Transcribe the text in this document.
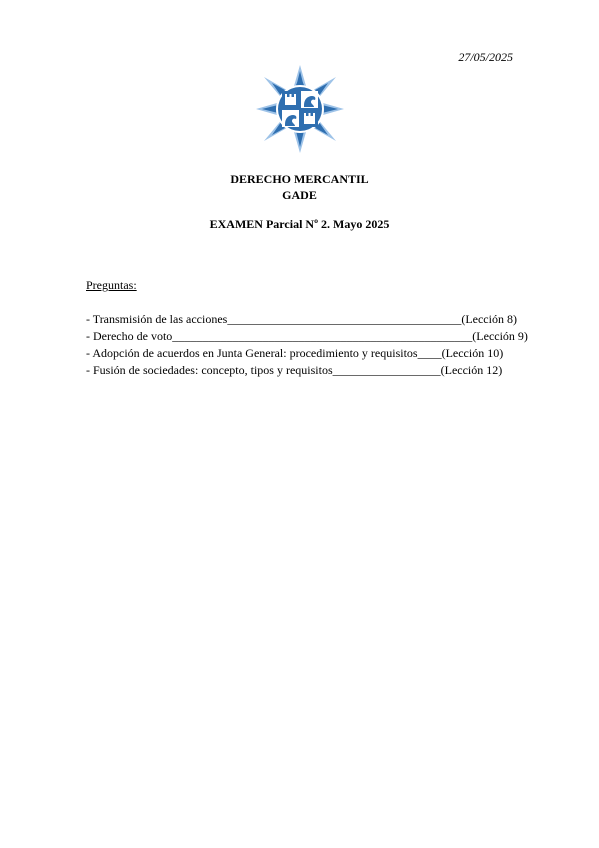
27/05/2025
DERECHO MERCANTIL
GADE
EXAMEN Parcial Nº 2. Mayo 2025
Preguntas:
- Transmisión de las acciones_______________________________________(Lección 8)
- Derecho de voto__________________________________________________(Lección 9)
- Adopción de acuerdos en Junta General: procedimiento y requisitos____(Lección 10)
- Fusión de sociedades: concepto, tipos y requisitos__________________(Lección 12)
